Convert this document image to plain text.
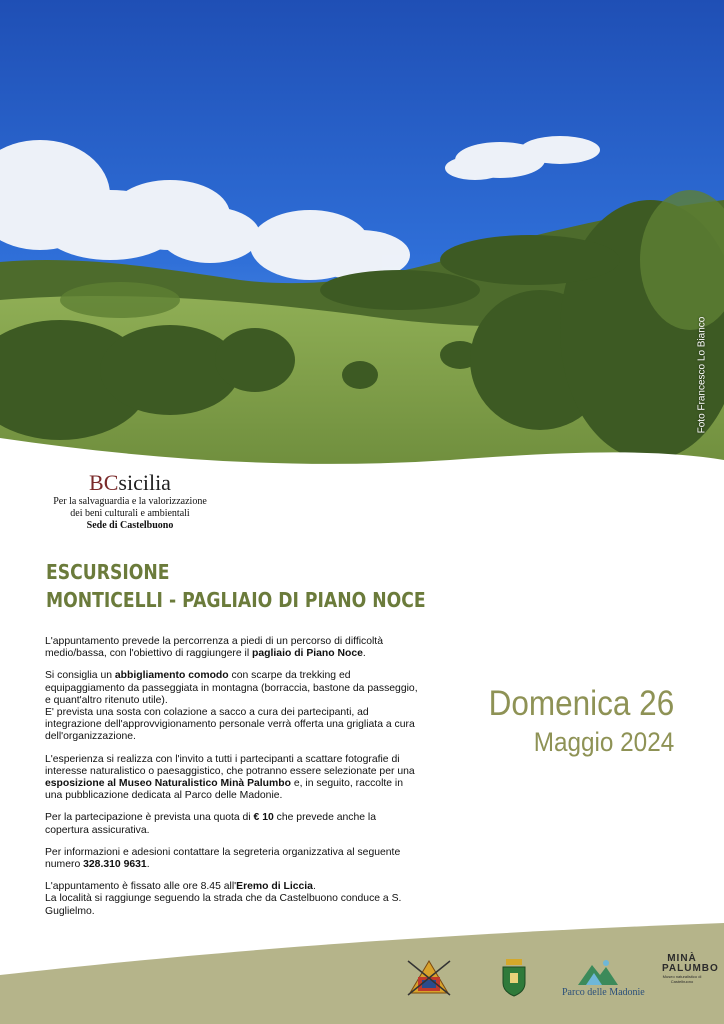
Foto Francesco Lo Bianco
BCsicilia
Per la salvaguardia e la valorizzazione
dei beni culturali e ambientali
Sede di Castelbuono
ESCURSIONE
MONTICELLI - PAGLIAIO DI PIANO NOCE
Domenica 26
Maggio 2024

L'appuntamento prevede la percorrenza a piedi di un percorso di difficoltà medio/bassa, con l'obiettivo di raggiungere il pagliaio di Piano Noce.

Si consiglia un abbigliamento comodo con scarpe da trekking ed equipaggiamento da passeggiata in montagna (borraccia, bastone da passeggio, e quant'altro ritenuto utile).
E' prevista una sosta con colazione a sacco a cura dei partecipanti, ad integrazione dell'approvvigionamento personale verrà offerta una grigliata a cura dell'organizzazione.

L'esperienza si realizza con l'invito a tutti i partecipanti a scattare fotografie di interesse naturalistico o paesaggistico, che potranno essere selezionate per una esposizione al Museo Naturalistico Minà Palumbo e, in seguito, raccolte in una pubblicazione dedicata al Parco delle Madonie.

Per la partecipazione è prevista una quota di € 10 che prevede anche la copertura assicurativa.

Per informazioni e adesioni contattare la segreteria organizzativa al seguente numero 328.310 9631.

L'appuntamento è fissato alle ore 8.45 all'Eremo di Liccia.
La località si raggiunge seguendo la strada che da Castelbuono conduce a S. Guglielmo.

Parco delle Madonie
MINÀ PALUMBO
Museo naturalistico di Castelbuono
